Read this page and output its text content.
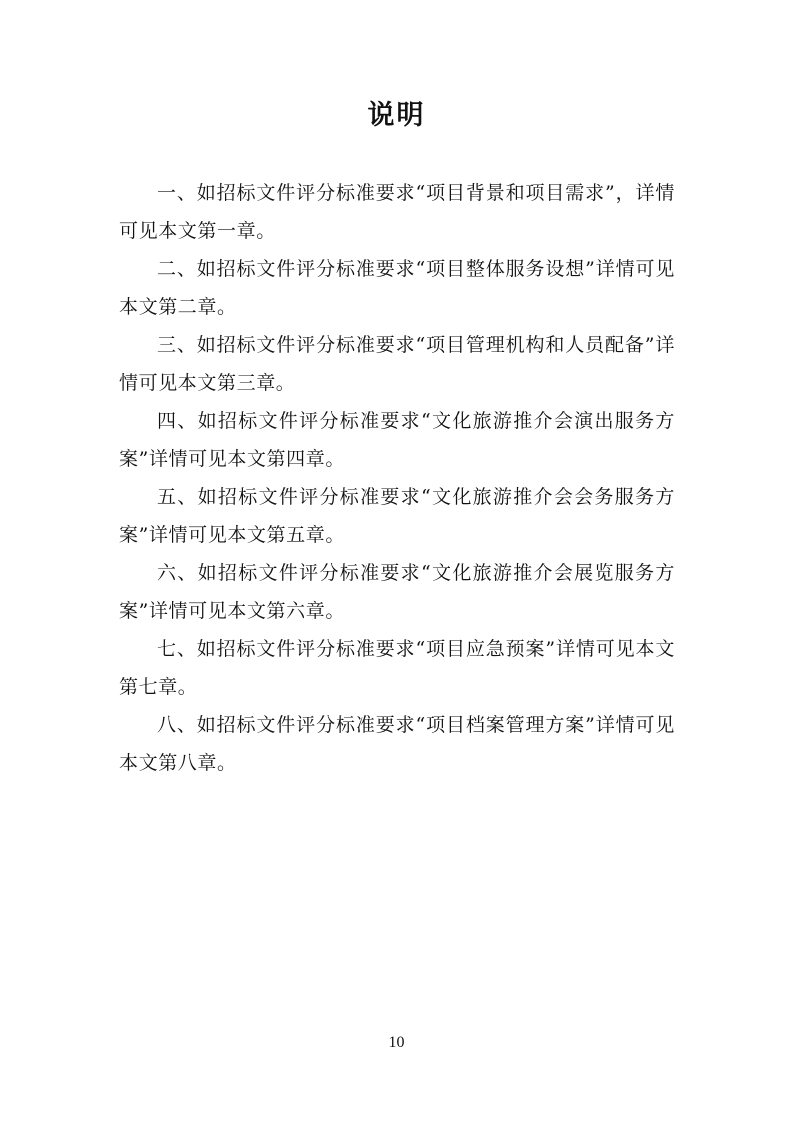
说明

一、如招标文件评分标准要求“项目背景和项目需求”，详情可见本文第一章。

二、如招标文件评分标准要求“项目整体服务设想”详情可见本文第二章。

三、如招标文件评分标准要求“项目管理机构和人员配备”详情可见本文第三章。

四、如招标文件评分标准要求“文化旅游推介会演出服务方案”详情可见本文第四章。

五、如招标文件评分标准要求“文化旅游推介会会务服务方案”详情可见本文第五章。

六、如招标文件评分标准要求“文化旅游推介会展览服务方案”详情可见本文第六章。

七、如招标文件评分标准要求“项目应急预案”详情可见本文第七章。

八、如招标文件评分标准要求“项目档案管理方案”详情可见本文第八章。

10
